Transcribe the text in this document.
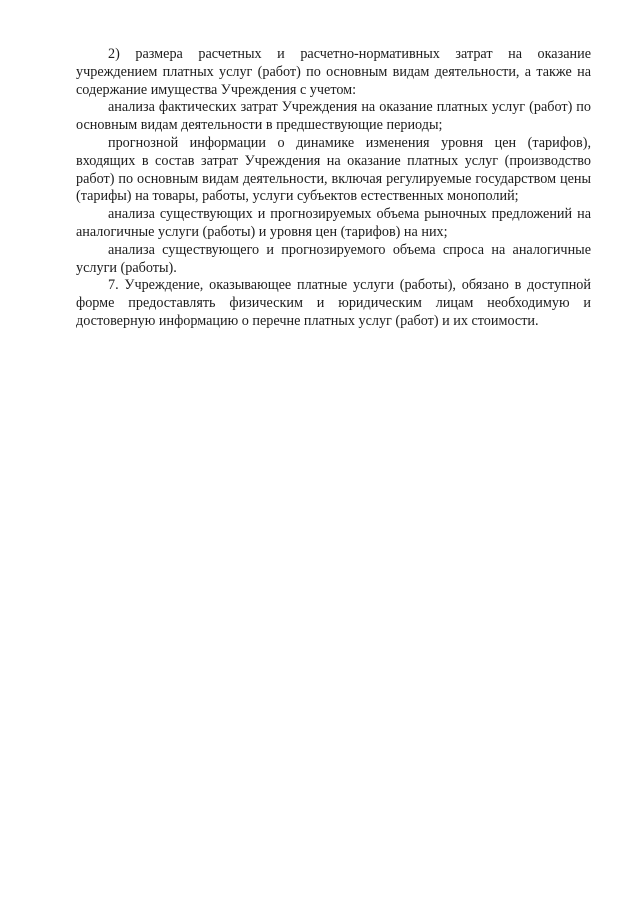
2) размера расчетных и расчетно-нормативных затрат на оказание учреждением платных услуг (работ) по основным видам деятельности, а также на содержание имущества Учреждения с учетом:

анализа фактических затрат Учреждения на оказание платных услуг (работ) по основным видам деятельности в предшествующие периоды;

прогнозной информации о динамике изменения уровня цен (тарифов), входящих в состав затрат Учреждения на оказание платных услуг (производство работ) по основным видам деятельности, включая регулируемые государством цены (тарифы) на товары, работы, услуги субъектов естественных монополий;

анализа существующих и прогнозируемых объема рыночных предложений на аналогичные услуги (работы) и уровня цен (тарифов) на них;

анализа существующего и прогнозируемого объема спроса на аналогичные услуги (работы).

7. Учреждение, оказывающее платные услуги (работы), обязано в доступной форме предоставлять физическим и юридическим лицам необходимую и достоверную информацию о перечне платных услуг (работ) и их стоимости.
